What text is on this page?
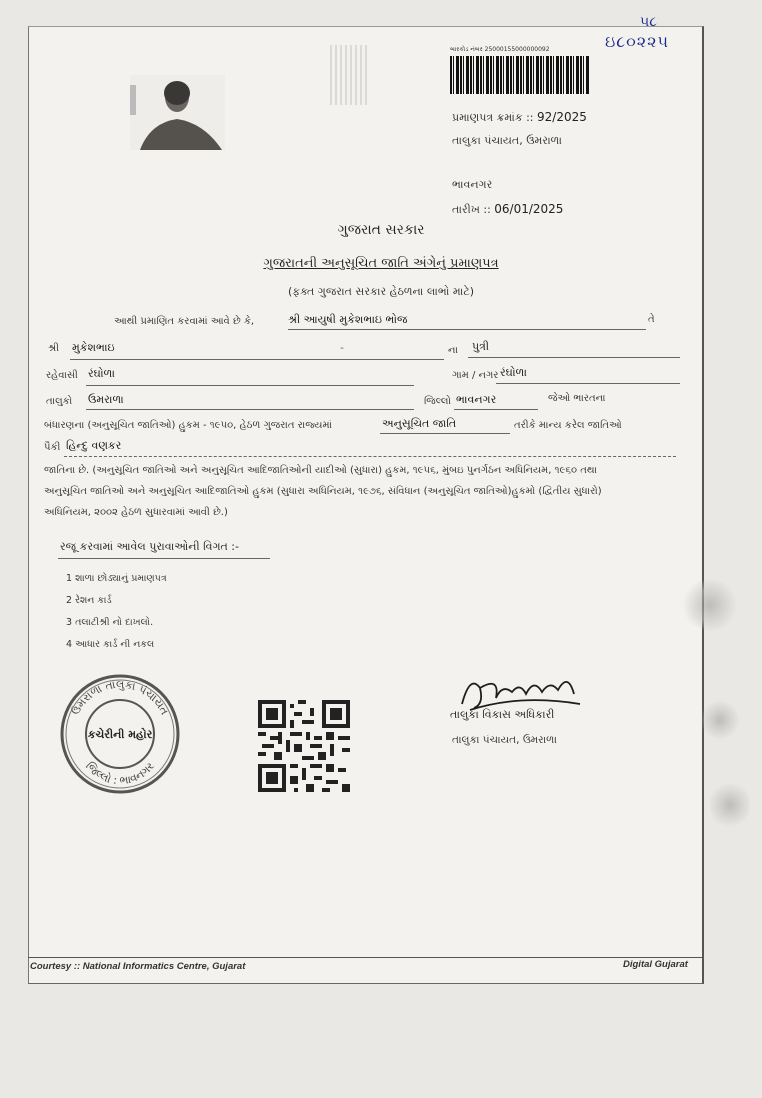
૫૮
ઇ૮૦૨૨૫
બારકોડ નંબર 25000155000000092
પ્રમાણપત્ર ક્રમાંક :: 92/2025
તાલુકા પંચાયત, ઉમરાળા
ભાવનગર
તારીખ :: 06/01/2025
ગુજરાત સરકાર
ગુજરાતની અનુસૂચિત જાતિ અંગેનું પ્રમાણપત્ર
(ફક્ત ગુજરાત સરકાર હેઠળના લાભો માટે)
આથી પ્રમાણિત કરવામાં આવે છે કે,	શ્રી આયુષી મુકેશભાઇ ભોજ	તે
શ્રી મુકેશભાઇ	-	ના પુત્રી
રહેવાસી રંઘોળા	ગામ / નગર રંઘોળા
તાલુકો ઉમરાળા	જિલ્લો ભાવનગર	જેઓ ભારતના
બંધારણના (અનુસૂચિત જાતિઓ) હુકમ - ૧૯૫૦, હેઠળ ગુજરાત રાજ્યમાં	અનુસૂચિત જાતિ	તરીકે માન્ય કરેલ જાતિઓ
પૈકી હિન્દુ વણકર
જાતિના છે. (અનુસૂચિત જાતિઓ અને અનુસૂચિત આદિજાતિઓની યાદીઓ (સુધારા) હુકમ, ૧૯૫૬, મુંબઇ પુનર્ગઠન અધિનિયમ, ૧૯૬૦ તથા
અનુસૂચિત જાતિઓ અને અનુસૂચિત આદિજાતિઓ હુકમ (સુધારા અધિનિયમ, ૧૯૭૬, સંવિધાન (અનુસૂચિત જાતિઓ)હુકમો (દ્વિતીય સુધારો)
અધિનિયમ, ૨૦૦૨ હેઠળ સુધારવામાં આવી છે.)
રજૂ કરવામાં આવેલ પુરાવાઓની વિગત :-
1 શાળા છોડ્યાનું પ્રમાણપત્ર
2 રેશન કાર્ડ
3 તલાટીશ્રી નો દાખલો.
4 આધાર કાર્ડ ની નકલ
ઉમરાળા તાલુકા પંચાયત
કચેરીની મહોર
જિલ્લો : ભાવનગર
તાલુકા વિકાસ અધિકારી
તાલુકા પંચાયત, ઉમરાળા
Courtesy :: National Informatics Centre, Gujarat	Digital Gujarat
